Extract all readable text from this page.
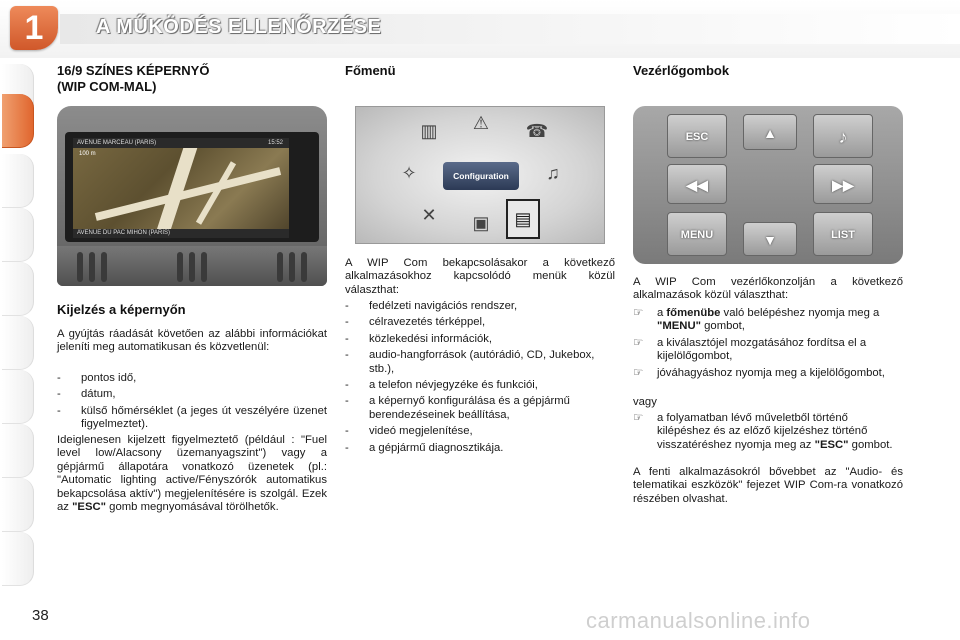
1	A MŰKÖDÉS ELLENŐRZÉSE
16/9 SZÍNES KÉPERNYŐ
(WIP COM-MAL)
AVENUE MARCEAU (PARIS)	15:52
100 m
AVENUE DU PAC MIHON (PARIS)
Kijelzés a képernyőn
A gyújtás ráadását követően az alábbi információkat jeleníti meg automatikusan és közvetlenül:
-	pontos idő,
-	dátum,
-	külső hőmérséklet (a jeges út veszélyére üzenet figyelmeztet).
Ideiglenesen kijelzett figyelmeztető (például : "Fuel level low/Alacsony üzemanyagszint") vagy a gépjármű állapotára vonatkozó üzenetek (pl.: "Automatic lighting active/Fényszórók automatikus bekapcsolása aktív") megjelenítésére is szolgál. Ezek az "ESC" gomb megnyomásával törölhetők.
Főmenü
▥ ⚠ ☎
✧	♫
✕	▣
Configuration
▤
A WIP Com bekapcsolásakor a következő alkalmazásokhoz kapcsolódó menük közül választhat:
-	fedélzeti navigációs rendszer,
-	célravezetés térképpel,
-	közlekedési információk,
-	audio-hangforrások (autórádió, CD, Jukebox, stb.),
-	a telefon névjegyzéke és funkciói,
-	a képernyő konfigurálása és a gépjármű berendezéseinek beállítása,
-	videó megjelenítése,
-	a gépjármű diagnosztikája.
Vezérlőgombok
ESC	▲	♪
◀◀	▶▶
MENU	▼	LIST
A WIP Com vezérlőkonzolján a következő alkalmazások közül választhat:
☞	a főmenübe való belépéshez nyomja meg a "MENU" gombot,
☞	a kiválasztójel mozgatásához fordítsa el a kijelölőgombot,
☞	jóváhagyáshoz nyomja meg a kijelölőgombot,
vagy
☞	a folyamatban lévő műveletből történő kilépéshez és az előző kijelzéshez történő visszatéréshez nyomja meg az "ESC" gombot.
A fenti alkalmazásokról bővebbet az "Audio- és telematikai eszközök" fejezet WIP Com-ra vonatkozó részében olvashat.
38	carmanualsonline.info
